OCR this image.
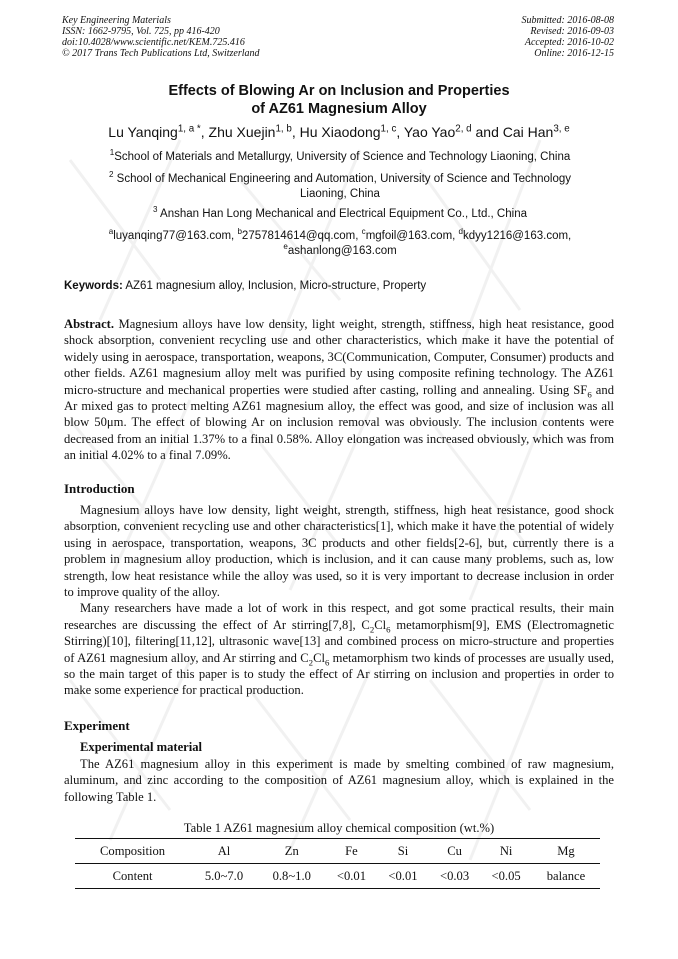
Key Engineering Materials
ISSN: 1662-9795, Vol. 725, pp 416-420
doi:10.4028/www.scientific.net/KEM.725.416
© 2017 Trans Tech Publications Ltd, Switzerland
Submitted: 2016-08-08
Revised: 2016-09-03
Accepted: 2016-10-02
Online: 2016-12-15
Effects of Blowing Ar on Inclusion and Properties
of AZ61 Magnesium Alloy
Lu Yanqing$^{1, a *}$, Zhu Xuejin$^{1, b}$, Hu Xiaodong$^{1, c}$, Yao Yao$^{2, d}$ and Cai Han$^{3, e}$
$^1$School of Materials and Metallurgy, University of Science and Technology Liaoning, China
$^2$ School of Mechanical Engineering and Automation, University of Science and Technology
Liaoning, China
$^3$ Anshan Han Long Mechanical and Electrical Equipment Co., Ltd., China
$^a$luyanqing77@163.com, $^b$2757814614@qq.com, $^c$mgfoil@163.com, $^d$kdyy1216@163.com,
$^e$ashanlong@163.com
Keywords: AZ61 magnesium alloy, Inclusion, Micro-structure, Property
Abstract. Magnesium alloys have low density, light weight, strength, stiffness, high heat resistance, good shock absorption, convenient recycling use and other characteristics, which make it have the potential of widely using in aerospace, transportation, weapons, 3C(Communication, Computer, Consumer) products and other fields. AZ61 magnesium alloy melt was purified by using composite refining technology. The AZ61 micro-structure and mechanical properties were studied after casting, rolling and annealing. Using $SF_6$ and Ar mixed gas to protect melting AZ61 magnesium alloy, the effect was good, and size of inclusion was all blow 50μm. The effect of blowing Ar on inclusion removal was obviously. The inclusion contents were decreased from an initial 1.37% to a final 0.58%. Alloy elongation was increased obviously, which was from an initial 4.02% to a final 7.09%.
Introduction

Magnesium alloys have low density, light weight, strength, stiffness, high heat resistance, good shock absorption, convenient recycling use and other characteristics[1], which make it have the potential of widely using in aerospace, transportation, weapons, 3C products and other fields[2-6], but, currently there is a problem in magnesium alloy production, which is inclusion, and it can cause many problems, such as, low strength, low heat resistance while the alloy was used, so it is very important to decrease inclusion in order to improve quality of the alloy.

Many researchers have made a lot of work in this respect, and got some practical results, their main researches are discussing the effect of Ar stirring[7,8], $C_2Cl_6$ metamorphism[9], EMS (Electromagnetic Stirring)[10], filtering[11,12], ultrasonic wave[13] and combined process on micro-structure and properties of AZ61 magnesium alloy, and Ar stirring and $C_2Cl_6$ metamorphism two kinds of processes are usually used, so the main target of this paper is to study the effect of Ar stirring on inclusion and properties in order to make some experience for practical production.

Experiment
Experimental material

The AZ61 magnesium alloy in this experiment is made by smelting combined of raw magnesium, aluminum, and zinc according to the composition of AZ61 magnesium alloy, which is explained in the following Table 1.

Table 1 AZ61 magnesium alloy chemical composition (wt.%)
Composition	Al	Zn	Fe	Si	Cu	Ni	Mg
Content	5.0~7.0	0.8~1.0	<0.01	<0.01	<0.03	<0.05	balance
